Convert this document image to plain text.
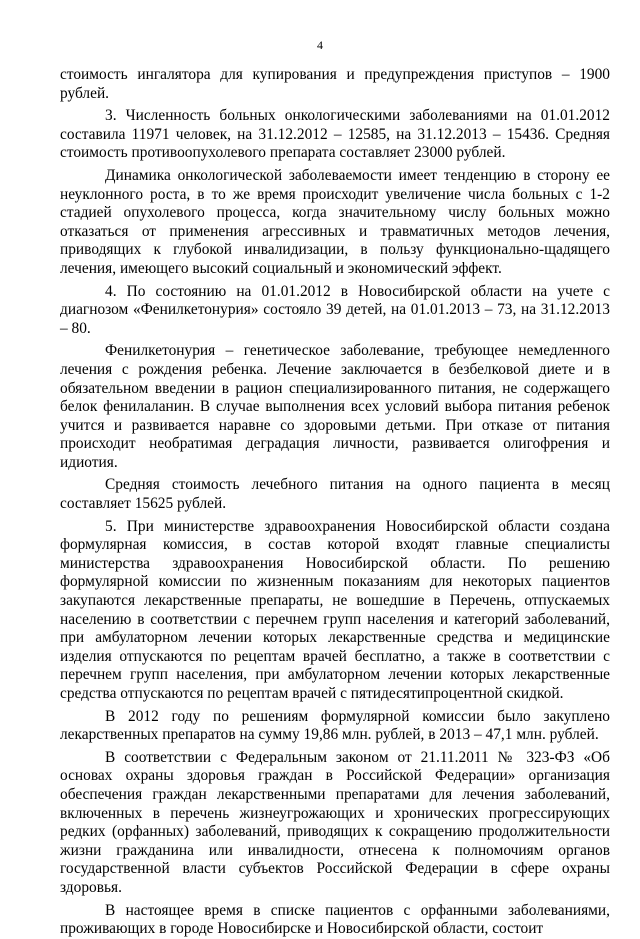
4

стоимость ингалятора для купирования и предупреждения приступов – 1900 рублей.

3. Численность больных онкологическими заболеваниями на 01.01.2012 составила 11971 человек, на 31.12.2012 – 12585, на 31.12.2013 – 15436. Средняя стоимость противоопухолевого препарата составляет 23000 рублей.

Динамика онкологической заболеваемости имеет тенденцию в сторону ее неуклонного роста, в то же время происходит увеличение числа больных с 1-2 стадией опухолевого процесса, когда значительному числу больных можно отказаться от применения агрессивных и травматичных методов лечения, приводящих к глубокой инвалидизации, в пользу функционально-щадящего лечения, имеющего высокий социальный и экономический эффект.

4. По состоянию на 01.01.2012 в Новосибирской области на учете с диагнозом «Фенилкетонурия» состояло 39 детей, на 01.01.2013 – 73, на 31.12.2013 – 80.

Фенилкетонурия – генетическое заболевание, требующее немедленного лечения с рождения ребенка. Лечение заключается в безбелковой диете и в обязательном введении в рацион специализированного питания, не содержащего белок фенилаланин. В случае выполнения всех условий выбора питания ребенок учится и развивается наравне со здоровыми детьми. При отказе от питания происходит необратимая деградация личности, развивается олигофрения и идиотия.

Средняя стоимость лечебного питания на одного пациента в месяц составляет 15625 рублей.

5. При министерстве здравоохранения Новосибирской области создана формулярная комиссия, в состав которой входят главные специалисты министерства здравоохранения Новосибирской области. По решению формулярной комиссии по жизненным показаниям для некоторых пациентов закупаются лекарственные препараты, не вошедшие в Перечень, отпускаемых населению в соответствии с перечнем групп населения и категорий заболеваний, при амбулаторном лечении которых лекарственные средства и медицинские изделия отпускаются по рецептам врачей бесплатно, а также в соответствии с перечнем групп населения, при амбулаторном лечении которых лекарственные средства отпускаются по рецептам врачей с пятидесятипроцентной скидкой.

В 2012 году по решениям формулярной комиссии было закуплено лекарственных препаратов на сумму 19,86 млн. рублей, в 2013 – 47,1 млн. рублей.

В соответствии с Федеральным законом от 21.11.2011 № 323-ФЗ «Об основах охраны здоровья граждан в Российской Федерации» организация обеспечения граждан лекарственными препаратами для лечения заболеваний, включенных в перечень жизнеугрожающих и хронических прогрессирующих редких (орфанных) заболеваний, приводящих к сокращению продолжительности жизни гражданина или инвалидности, отнесена к полномочиям органов государственной власти субъектов Российской Федерации в сфере охраны здоровья.

В настоящее время в списке пациентов с орфанными заболеваниями, проживающих в городе Новосибирске и Новосибирской области, состоит
